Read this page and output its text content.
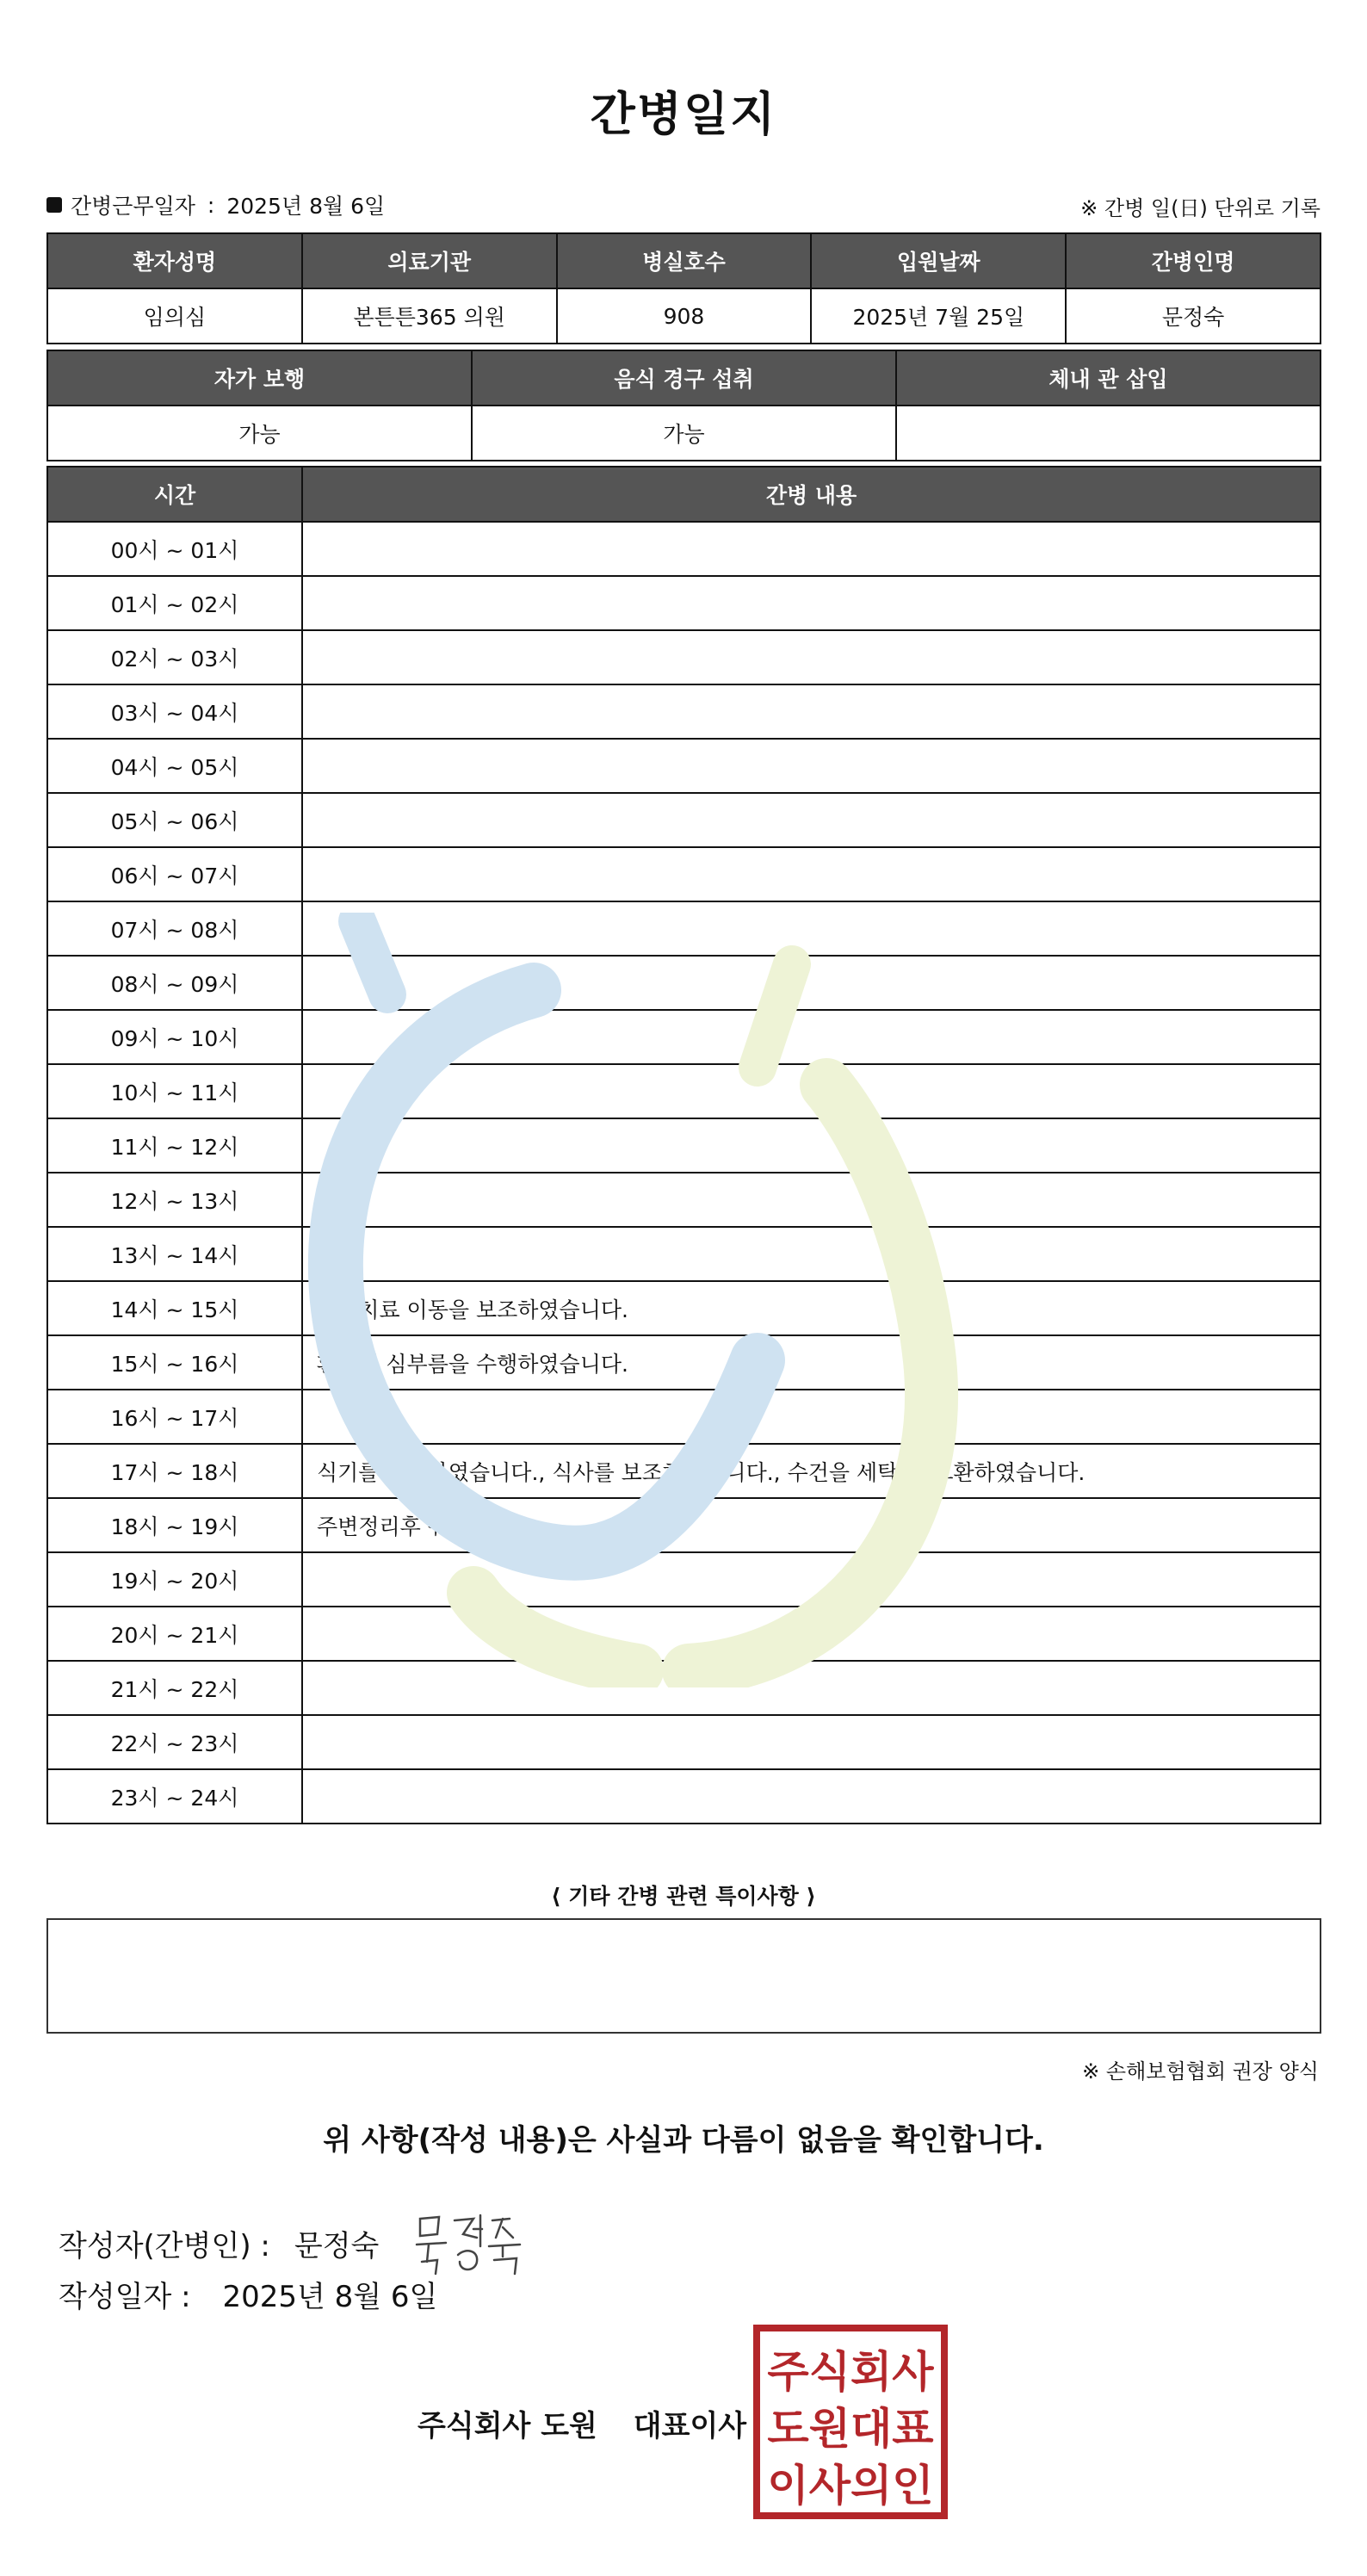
간병일지
간병근무일자 : 2025년 8월 6일	※ 간병 일(日) 단위로 기록
환자성명	의료기관	병실호수	입원날짜	간병인명
임의심	본튼튼365 의원	908	2025년 7월 25일	문정숙
자가 보행	음식 경구 섭취	체내 관 삽입
가능	가능	
시간	간병 내용
00시 ~ 01시	
01시 ~ 02시	
02시 ~ 03시	
03시 ~ 04시	
04시 ~ 05시	
05시 ~ 06시	
06시 ~ 07시	
07시 ~ 08시	
08시 ~ 09시	
09시 ~ 10시	
10시 ~ 11시	
11시 ~ 12시	
12시 ~ 13시	
13시 ~ 14시	
14시 ~ 15시	물리치료 이동을 보조하였습니다.
15시 ~ 16시	환자의 심부름을 수행하였습니다.
16시 ~ 17시	
17시 ~ 18시	식기를 반납하였습니다., 식사를 보조하였습니다., 수건을 세탁 후 교환하였습니다.
18시 ~ 19시	주변정리후 귀가
19시 ~ 20시	
20시 ~ 21시	
21시 ~ 22시	
22시 ~ 23시	
23시 ~ 24시	
⟨ 기타 간병 관련 특이사항 ⟩
※ 손해보험협회 권장 양식
위 사항(작성 내용)은 사실과 다름이 없음을 확인합니다.
작성자(간병인) : 문정숙
작성일자 : 2025년 8월 6일
주식회사 도원 대표이사
주식회사
도원대표
이사의인
